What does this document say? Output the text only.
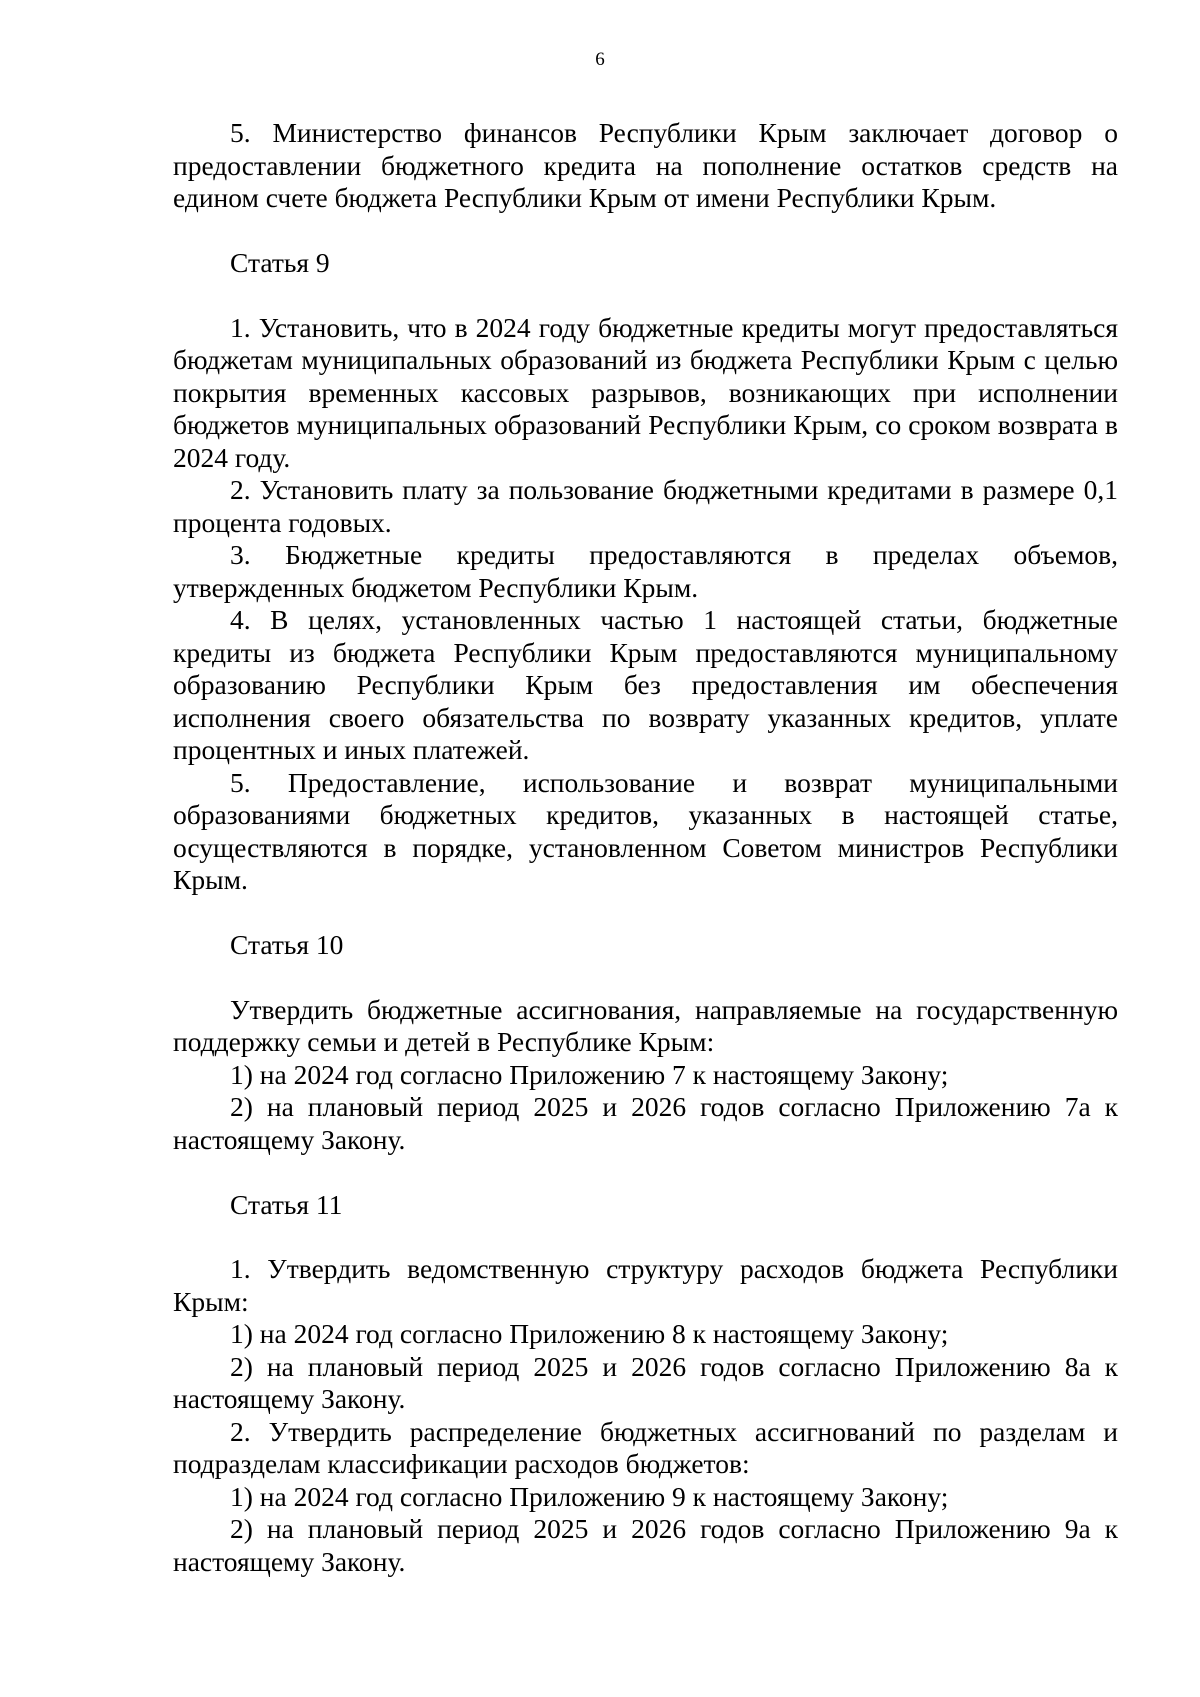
6

5. Министерство финансов Республики Крым заключает договор о предоставлении бюджетного кредита на пополнение остатков средств на едином счете бюджета Республики Крым от имени Республики Крым.

Статья 9

1. Установить, что в 2024 году бюджетные кредиты могут предоставляться бюджетам муниципальных образований из бюджета Республики Крым с целью покрытия временных кассовых разрывов, возникающих при исполнении бюджетов муниципальных образований Республики Крым, со сроком возврата в 2024 году.

2. Установить плату за пользование бюджетными кредитами в размере 0,1 процента годовых.

3. Бюджетные кредиты предоставляются в пределах объемов, утвержденных бюджетом Республики Крым.

4. В целях, установленных частью 1 настоящей статьи, бюджетные кредиты из бюджета Республики Крым предоставляются муниципальному образованию Республики Крым без предоставления им обеспечения исполнения своего обязательства по возврату указанных кредитов, уплате процентных и иных платежей.

5. Предоставление, использование и возврат муниципальными образованиями бюджетных кредитов, указанных в настоящей статье, осуществляются в порядке, установленном Советом министров Республики Крым.

Статья 10

Утвердить бюджетные ассигнования, направляемые на государственную поддержку семьи и детей в Республике Крым:

1) на 2024 год согласно Приложению 7 к настоящему Закону;

2) на плановый период 2025 и 2026 годов согласно Приложению 7а к настоящему Закону.

Статья 11

1. Утвердить ведомственную структуру расходов бюджета Республики Крым:

1) на 2024 год согласно Приложению 8 к настоящему Закону;

2) на плановый период 2025 и 2026 годов согласно Приложению 8а к настоящему Закону.

2. Утвердить распределение бюджетных ассигнований по разделам и подразделам классификации расходов бюджетов:

1) на 2024 год согласно Приложению 9 к настоящему Закону;

2) на плановый период 2025 и 2026 годов согласно Приложению 9а к настоящему Закону.
